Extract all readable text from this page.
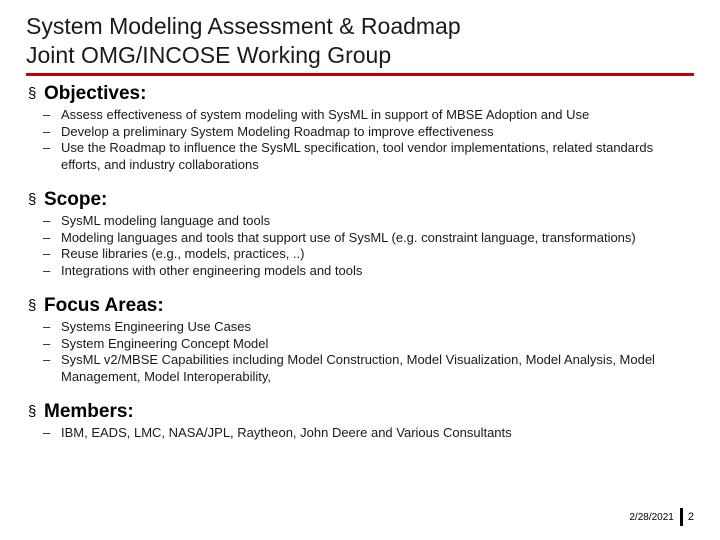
System Modeling Assessment & Roadmap
Joint OMG/INCOSE Working Group
§ Objectives:
– Assess effectiveness of system modeling with SysML in support of MBSE Adoption and Use
– Develop a preliminary System Modeling Roadmap to improve effectiveness
– Use the Roadmap to influence the SysML specification, tool vendor implementations, related standards efforts, and industry collaborations
§ Scope:
– SysML modeling language and tools
– Modeling languages and tools that support use of SysML (e.g. constraint language, transformations)
– Reuse libraries (e.g., models, practices, ..)
– Integrations with other engineering models and tools
§ Focus Areas:
– Systems Engineering Use Cases
– System Engineering Concept Model
– SysML v2/MBSE Capabilities including Model Construction, Model Visualization, Model Analysis, Model Management, Model Interoperability,
§ Members:
– IBM, EADS, LMC, NASA/JPL, Raytheon, John Deere and Various Consultants
2/28/2021 2
